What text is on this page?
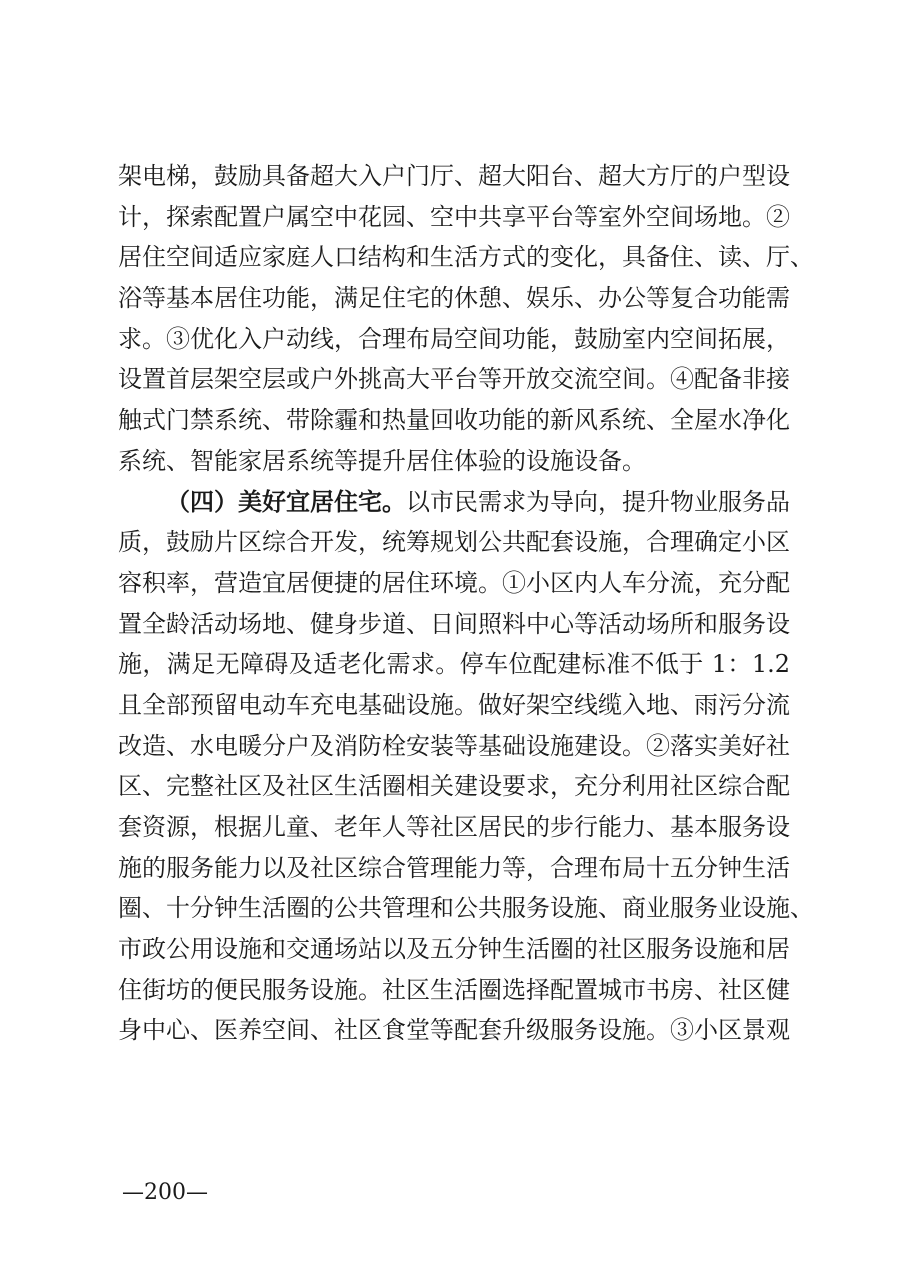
架电梯，鼓励具备超大入户门厅、超大阳台、超大方厅的户型设
计，探索配置户属空中花园、空中共享平台等室外空间场地。②
居住空间适应家庭人口结构和生活方式的变化，具备住、读、厅、
浴等基本居住功能，满足住宅的休憩、娱乐、办公等复合功能需
求。③优化入户动线，合理布局空间功能，鼓励室内空间拓展，
设置首层架空层或户外挑高大平台等开放交流空间。④配备非接
触式门禁系统、带除霾和热量回收功能的新风系统、全屋水净化
系统、智能家居系统等提升居住体验的设施设备。
（四）美好宜居住宅。以市民需求为导向，提升物业服务品
质，鼓励片区综合开发，统筹规划公共配套设施，合理确定小区
容积率，营造宜居便捷的居住环境。①小区内人车分流，充分配
置全龄活动场地、健身步道、日间照料中心等活动场所和服务设
施，满足无障碍及适老化需求。停车位配建标准不低于 1：1.2
且全部预留电动车充电基础设施。做好架空线缆入地、雨污分流
改造、水电暖分户及消防栓安装等基础设施建设。②落实美好社
区、完整社区及社区生活圈相关建设要求，充分利用社区综合配
套资源，根据儿童、老年人等社区居民的步行能力、基本服务设
施的服务能力以及社区综合管理能力等，合理布局十五分钟生活
圈、十分钟生活圈的公共管理和公共服务设施、商业服务业设施、
市政公用设施和交通场站以及五分钟生活圈的社区服务设施和居
住街坊的便民服务设施。社区生活圈选择配置城市书房、社区健
身中心、医养空间、社区食堂等配套升级服务设施。③小区景观
—200—
